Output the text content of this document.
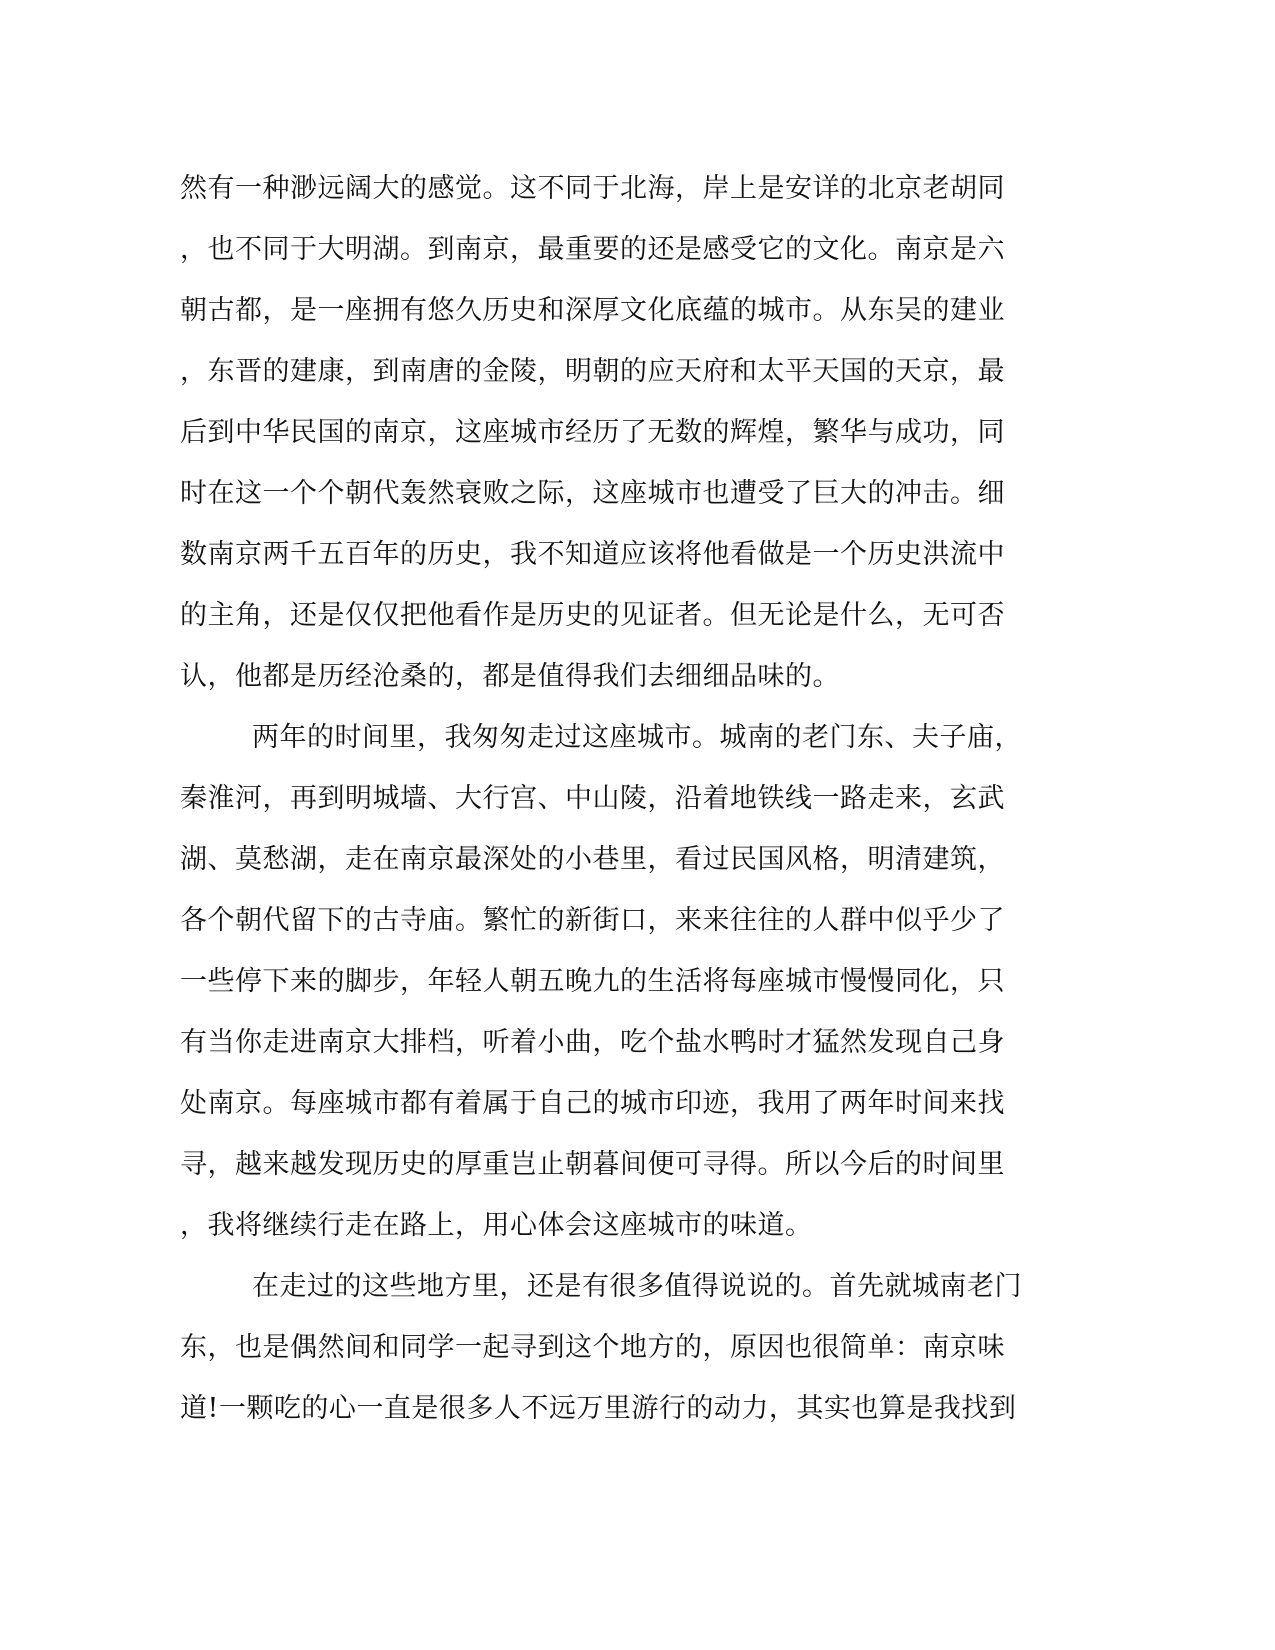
然有一种渺远阔大的感觉。这不同于北海，岸上是安详的北京老胡同
，也不同于大明湖。到南京，最重要的还是感受它的文化。南京是六
朝古都，是一座拥有悠久历史和深厚文化底蕴的城市。从东吴的建业
，东晋的建康，到南唐的金陵，明朝的应天府和太平天国的天京，最
后到中华民国的南京，这座城市经历了无数的辉煌，繁华与成功，同
时在这一个个朝代轰然衰败之际，这座城市也遭受了巨大的冲击。细
数南京两千五百年的历史，我不知道应该将他看做是一个历史洪流中
的主角，还是仅仅把他看作是历史的见证者。但无论是什么，无可否
认，他都是历经沧桑的，都是值得我们去细细品味的。
两年的时间里，我匆匆走过这座城市。城南的老门东、夫子庙，
秦淮河，再到明城墙、大行宫、中山陵，沿着地铁线一路走来，玄武
湖、莫愁湖，走在南京最深处的小巷里，看过民国风格，明清建筑，
各个朝代留下的古寺庙。繁忙的新街口，来来往往的人群中似乎少了
一些停下来的脚步，年轻人朝五晚九的生活将每座城市慢慢同化，只
有当你走进南京大排档，听着小曲，吃个盐水鸭时才猛然发现自己身
处南京。每座城市都有着属于自己的城市印迹，我用了两年时间来找
寻，越来越发现历史的厚重岂止朝暮间便可寻得。所以今后的时间里
，我将继续行走在路上，用心体会这座城市的味道。
在走过的这些地方里，还是有很多值得说说的。首先就城南老门
东，也是偶然间和同学一起寻到这个地方的，原因也很简单：南京味
道!一颗吃的心一直是很多人不远万里游行的动力，其实也算是我找到
